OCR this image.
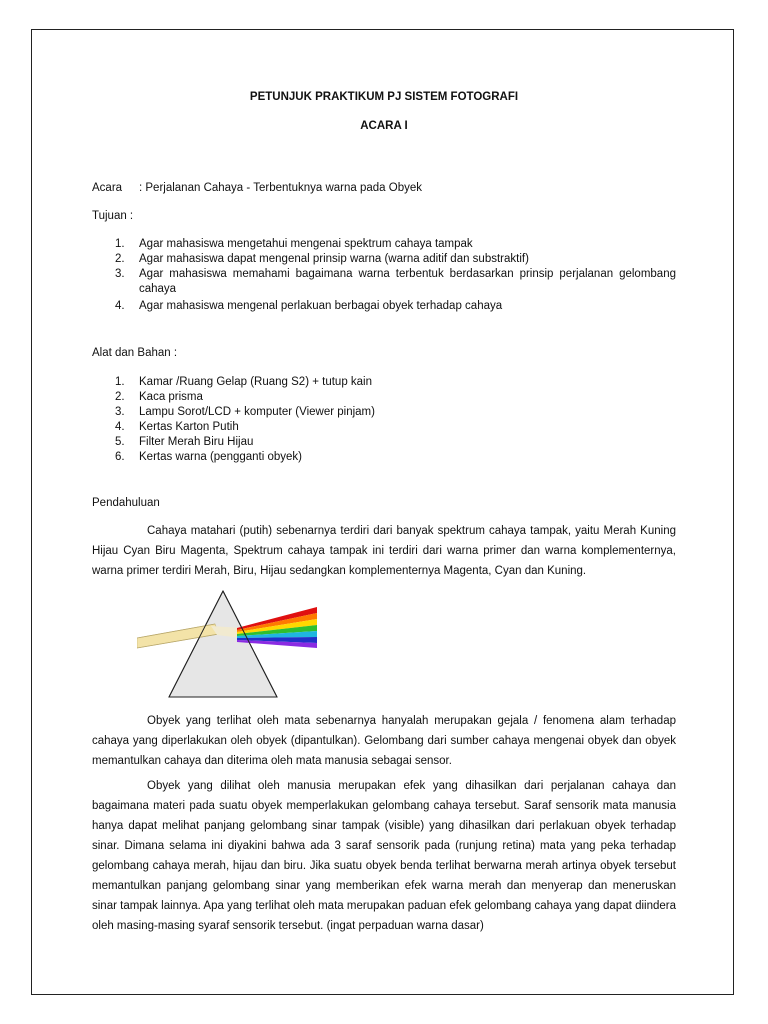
PETUNJUK PRAKTIKUM PJ SISTEM FOTOGRAFI
ACARA I
Acara : Perjalanan Cahaya - Terbentuknya warna pada Obyek
Tujuan :
1. Agar mahasiswa mengetahui mengenai spektrum cahaya tampak
2. Agar mahasiswa dapat mengenal prinsip warna (warna aditif dan substraktif)
3. Agar mahasiswa memahami bagaimana warna terbentuk berdasarkan prinsip perjalanan gelombang cahaya
4. Agar mahasiswa mengenal perlakuan berbagai obyek terhadap cahaya
Alat dan Bahan :
1. Kamar /Ruang Gelap (Ruang S2) + tutup kain
2. Kaca prisma
3. Lampu Sorot/LCD + komputer (Viewer pinjam)
4. Kertas Karton Putih
5. Filter Merah Biru Hijau
6. Kertas warna (pengganti obyek)
Pendahuluan
Cahaya matahari (putih) sebenarnya terdiri dari banyak spektrum cahaya tampak, yaitu Merah Kuning Hijau Cyan Biru Magenta, Spektrum cahaya tampak ini terdiri dari warna primer dan warna komplementernya, warna primer terdiri Merah, Biru, Hijau sedangkan komplementernya Magenta, Cyan dan Kuning.
Obyek yang terlihat oleh mata sebenarnya hanyalah merupakan gejala / fenomena alam terhadap cahaya yang diperlakukan oleh obyek (dipantulkan). Gelombang dari sumber cahaya mengenai obyek dan obyek memantulkan cahaya dan diterima oleh mata manusia sebagai sensor.
Obyek yang dilihat oleh manusia merupakan efek yang dihasilkan dari perjalanan cahaya dan bagaimana materi pada suatu obyek memperlakukan gelombang cahaya tersebut. Saraf sensorik mata manusia hanya dapat melihat panjang gelombang sinar tampak (visible) yang dihasilkan dari perlakuan obyek terhadap sinar. Dimana selama ini diyakini bahwa ada 3 saraf sensorik pada (runjung retina) mata yang peka terhadap gelombang cahaya merah, hijau dan biru. Jika suatu obyek benda terlihat berwarna merah artinya obyek tersebut memantulkan panjang gelombang sinar yang memberikan efek warna merah dan menyerap dan meneruskan sinar tampak lainnya. Apa yang terlihat oleh mata merupakan paduan efek gelombang cahaya yang dapat diindera oleh masing-masing syaraf sensorik tersebut. (ingat perpaduan warna dasar)
